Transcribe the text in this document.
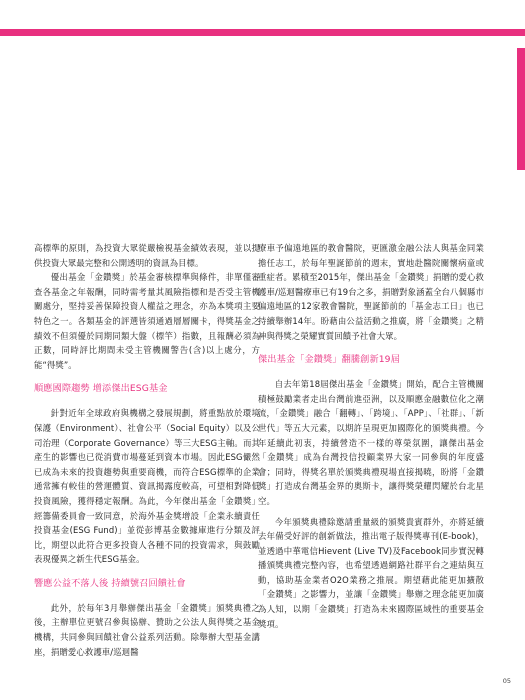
高標準的原則，為投資大眾從嚴檢視基金績效表現，並以提供投資大眾最完整和公開透明的資訊為目標。

優出基金「金鑽獎」於基金審核標準與條件，非單僅審查各基金之年報酬，同時需考量其風險指標和是否受主管機關處分，堅持妥善保障投資人權益之理念，亦為本獎項主要特色之一。各類基金的評選皆須通過層層關卡，得獎基金之績效不但須優於同期同類大盤（標竿）指數，且報酬必須為正數，同時評比期間未受主管機關警告(含)以上處分，方能“得獎”。

順應國際趨勢 增添傑出ESG基金

針對近年全球政府與機構之發展規劃，將重點放於環境保護（Environment）、社會公平（Social Equity）以及公司治理（Corporate Governance）等三大ESG主軸。而其產生的影響也已從消費市場蔓延到資本市場。因此ESG儼然已成為未來的投資趨勢與重要商機，而符合ESG標準的企業通常擁有較佳的營運體質、資訊揭露度較高，可望相對降低投資風險，獲得穩定報酬。為此，今年傑出基金「金鑽獎」經籌備委員會一致同意，於海外基金獎增設「企業永續責任投資基金(ESG Fund)」並從彭博基金數據庫進行分類及評比，期望以此符合更多投資人各種不同的投資需求，與鼓勵表現優異之新生代ESG基金。

響應公益不落人後 持續號召回饋社會

此外，於每年3月舉辦傑出基金「金鑽獎」頒獎典禮之後，主辦單位更號召參與協辦、贊助之公法人與得獎之基金機構，共同參與回饋社會公益系列活動。除舉辦大型基金講座，捐贈愛心救護車/巡迴醫

療車予偏遠地區的教會醫院，更匯激金融公法人與基金同業擔任志工，於每年聖誕節前的週末，實地赴醫院關懷病童或重症者。累積至2015年，傑出基金「金鑽獎」捐贈的愛心救護車/巡迴醫療車已有19台之多，捐贈對象涵蓋全台八個縣市偏遠地區的12家教會醫院，聖誕節前的「基金志工日」也已持續舉辦14年。盼藉由公益活動之推廣，將「金鑽獎」之精神與得獎之榮耀實質回饋予社會大眾。

傑出基金「金鑽獎」翻騰創新19屆

自去年第18屆傑出基金「金鑽獎」開始，配合主管機關積極鼓勵業者走出台灣前進亞洲，以及順應金融數位化之潮流，「金鑽獎」融合「翻轉」、「跨境」、「APP」、「社群」、「新世代」等五大元素，以期許呈現更加國際化的頒獎典禮。今年延續此初衷，持續營造不一樣的尊榮氛圍，讓傑出基金「金鑽獎」成為台灣投信投顧業界大家一同參與的年度盛會；同時，得獎名單於頒獎典禮現場直接揭曉，盼將「金鑽獎」打造成台灣基金界的奧斯卡，讓得獎榮耀閃耀於台北星空。

今年頒獎典禮除邀請重量級的頒獎貴賓群外，亦將延續去年備受好評的創新做法，推出電子版得獎專刊(E-book)，並透過中華電信Hievent (Live TV)及Facebook同步實況轉播頒獎典禮完整內容，也希望透過網路社群平台之連結與互動，協助基金業者O2O業務之推展。期望藉此能更加擴散「金鑽獎」之影響力，並讓「金鑽獎」舉辦之理念能更加廣為人知，以期「金鑽獎」打造為未來國際區域性的重要基金獎項。

05
